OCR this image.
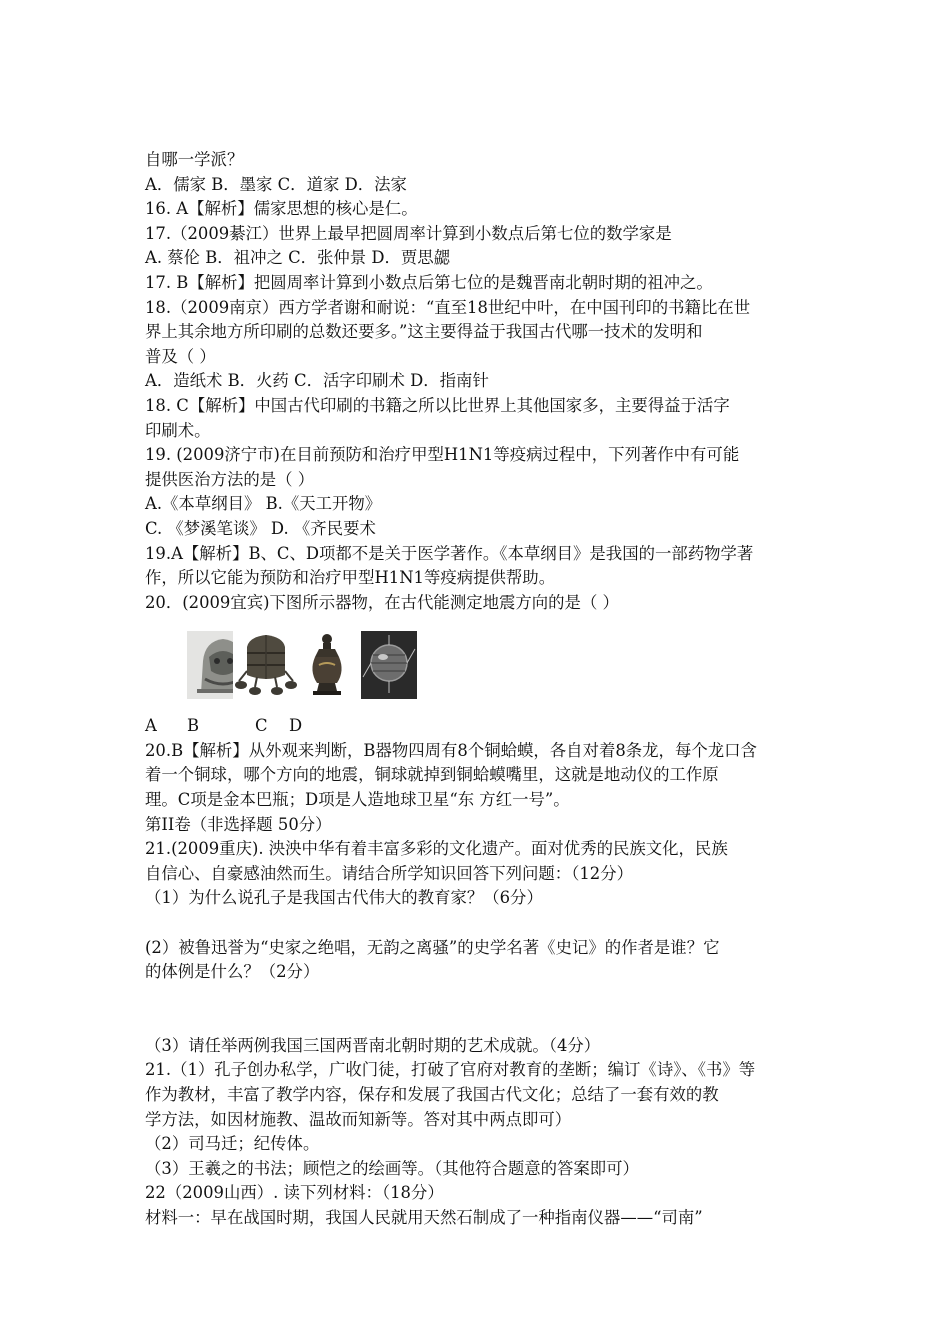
自哪一学派？
A．儒家 B．墨家 C．道家 D．法家
16. A【解析】儒家思想的核心是仁。
17.（2009綦江）世界上最早把圆周率计算到小数点后第七位的数学家是
A. 蔡伦 B．祖冲之 C．张仲景 D．贾思勰
17. B【解析】把圆周率计算到小数点后第七位的是魏晋南北朝时期的祖冲之。
18.（2009南京）西方学者谢和耐说：“直至18世纪中叶，在中国刊印的书籍比在世
界上其余地方所印刷的总数还要多。”这主要得益于我国古代哪一技术的发明和
普及（ ）
A．造纸术 B．火药 C．活字印刷术 D．指南针
18. C【解析】中国古代印刷的书籍之所以比世界上其他国家多，主要得益于活字
印刷术。
19. (2009济宁市)在目前预防和治疗甲型H1N1等疫病过程中，下列著作中有可能
提供医治方法的是（ ）
A.《本草纲目》 B.《天工开物》
C. 《梦溪笔谈》 D. 《齐民要术
19.A【解析】B、C、D项都不是关于医学著作。《本草纲目》是我国的一部药物学著
作，所以它能为预防和治疗甲型H1N1等疫病提供帮助。
20．(2009宜宾)下图所示器物，在古代能测定地震方向的是（ ）
A B	C D
20.B【解析】从外观来判断，B器物四周有8个铜蛤蟆，各自对着8条龙，每个龙口含
着一个铜球，哪个方向的地震，铜球就掉到铜蛤蟆嘴里，这就是地动仪的工作原
理。C项是金本巴瓶；D项是人造地球卫星“东 方红一号”。
第II卷（非选择题 50分）
21.(2009重庆). 泱泱中华有着丰富多彩的文化遗产。面对优秀的民族文化，民族
自信心、自豪感油然而生。请结合所学知识回答下列问题：（12分）
（1）为什么说孔子是我国古代伟大的教育家？（6分）
(2）被鲁迅誉为“史家之绝唱，无韵之离骚”的史学名著《史记》的作者是谁？它
的体例是什么？（2分）
（3）请任举两例我国三国两晋南北朝时期的艺术成就。（4分）
21.（1）孔子创办私学，广收门徒，打破了官府对教育的垄断；编订《诗》、《书》等
作为教材，丰富了教学内容，保存和发展了我国古代文化；总结了一套有效的教
学方法，如因材施教、温故而知新等。答对其中两点即可）
（2）司马迁；纪传体。
（3）王羲之的书法；顾恺之的绘画等。（其他符合题意的答案即可）
22（2009山西）. 读下列材料：（18分）
材料一：早在战国时期，我国人民就用天然石制成了一种指南仪器——“司南”
